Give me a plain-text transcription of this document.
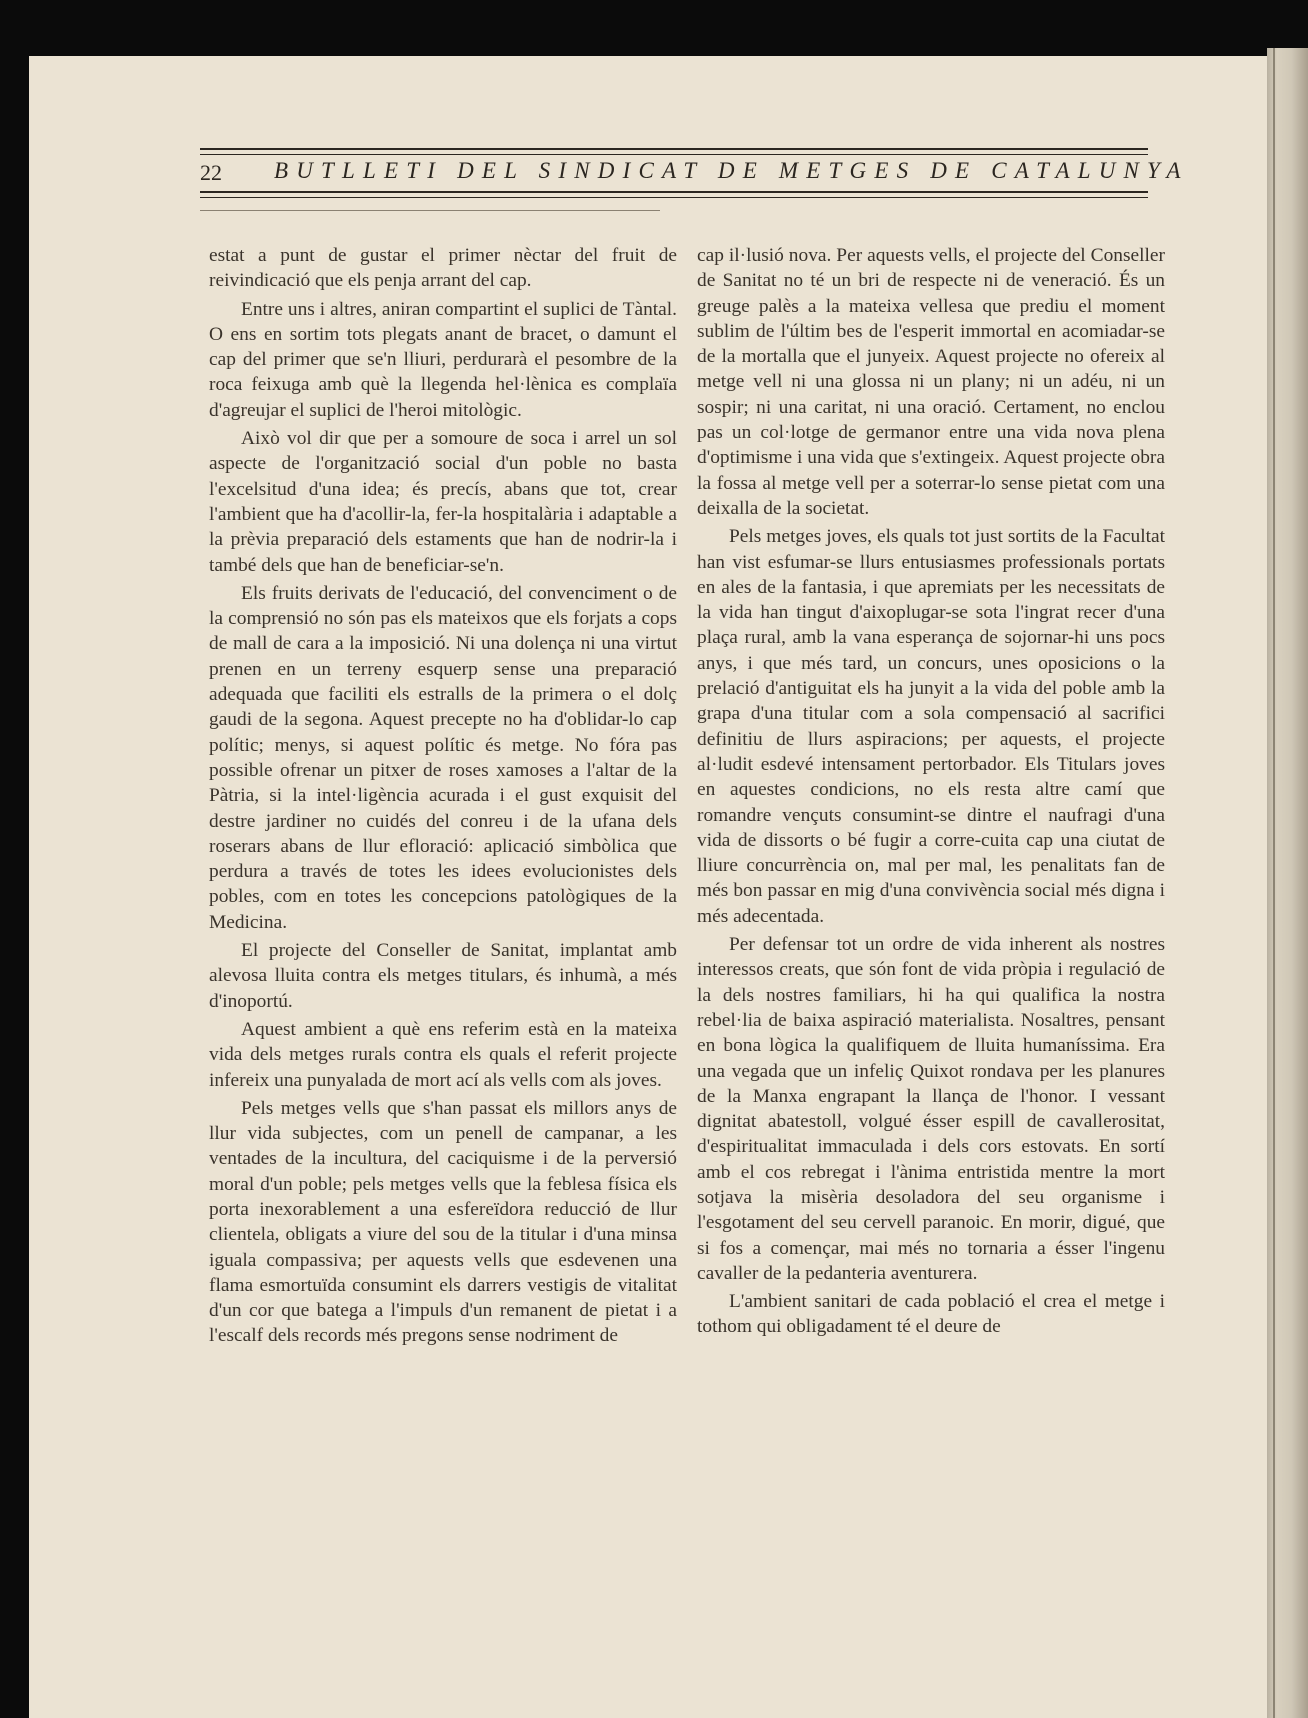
22 BUTLLETI DEL SINDICAT DE METGES DE CATALUNYA

estat a punt de gustar el primer nèctar del fruit de reivindicació que els penja arrant del cap.

Entre uns i altres, aniran compartint el suplici de Tàntal. O ens en sortim tots plegats anant de bracet, o damunt el cap del primer que se'n lliuri, perdurarà el pesombre de la roca feixuga amb què la llegenda hel·lènica es complaïa d'agreujar el suplici de l'heroi mitològic.

Això vol dir que per a somoure de soca i arrel un sol aspecte de l'organització social d'un poble no basta l'excelsitud d'una idea; és precís, abans que tot, crear l'ambient que ha d'acollir-la, fer-la hospitalària i adaptable a la prèvia preparació dels estaments que han de nodrir-la i també dels que han de beneficiar-se'n.

Els fruits derivats de l'educació, del convenciment o de la comprensió no són pas els mateixos que els forjats a cops de mall de cara a la imposició. Ni una dolença ni una virtut prenen en un terreny esquerp sense una preparació adequada que faciliti els estralls de la primera o el dolç gaudi de la segona. Aquest precepte no ha d'oblidar-lo cap polític; menys, si aquest polític és metge. No fóra pas possible ofrenar un pitxer de roses xamoses a l'altar de la Pàtria, si la intel·ligència acurada i el gust exquisit del destre jardiner no cuidés del conreu i de la ufana dels roserars abans de llur efloració: aplicació simbòlica que perdura a través de totes les idees evolucionistes dels pobles, com en totes les concepcions patològiques de la Medicina.

El projecte del Conseller de Sanitat, implantat amb alevosa lluita contra els metges titulars, és inhumà, a més d'inoportú.

Aquest ambient a què ens referim està en la mateixa vida dels metges rurals contra els quals el referit projecte infereix una punyalada de mort ací als vells com als joves.

Pels metges vells que s'han passat els millors anys de llur vida subjectes, com un penell de campanar, a les ventades de la incultura, del caciquisme i de la perversió moral d'un poble; pels metges vells que la feblesa física els porta inexorablement a una esfereïdora reducció de llur clientela, obligats a viure del sou de la titular i d'una minsa iguala compassiva; per aquests vells que esdevenen una flama esmortuïda consumint els darrers vestigis de vitalitat d'un cor que batega a l'impuls d'un remanent de pietat i a l'escalf dels records més pregons sense nodriment de

cap il·lusió nova. Per aquests vells, el projecte del Conseller de Sanitat no té un bri de respecte ni de veneració. És un greuge palès a la mateixa vellesa que prediu el moment sublim de l'últim bes de l'esperit immortal en acomiadar-se de la mortalla que el junyeix. Aquest projecte no ofereix al metge vell ni una glossa ni un plany; ni un adéu, ni un sospir; ni una caritat, ni una oració. Certament, no enclou pas un col·lotge de germanor entre una vida nova plena d'optimisme i una vida que s'extingeix. Aquest projecte obra la fossa al metge vell per a soterrar-lo sense pietat com una deixalla de la societat.

Pels metges joves, els quals tot just sortits de la Facultat han vist esfumar-se llurs entusiasmes professionals portats en ales de la fantasia, i que apremiats per les necessitats de la vida han tingut d'aixoplugar-se sota l'ingrat recer d'una plaça rural, amb la vana esperança de sojornar-hi uns pocs anys, i que més tard, un concurs, unes oposicions o la prelació d'antiguitat els ha junyit a la vida del poble amb la grapa d'una titular com a sola compensació al sacrifici definitiu de llurs aspiracions; per aquests, el projecte al·ludit esdevé intensament pertorbador. Els Titulars joves en aquestes condicions, no els resta altre camí que romandre vençuts consumint-se dintre el naufragi d'una vida de dissorts o bé fugir a corre-cuita cap una ciutat de lliure concurrència on, mal per mal, les penalitats fan de més bon passar en mig d'una convivència social més digna i més adecentada.

Per defensar tot un ordre de vida inherent als nostres interessos creats, que són font de vida pròpia i regulació de la dels nostres familiars, hi ha qui qualifica la nostra rebel·lia de baixa aspiració materialista. Nosaltres, pensant en bona lògica la qualifiquem de lluita humaníssima. Era una vegada que un infeliç Quixot rondava per les planures de la Manxa engrapant la llança de l'honor. I vessant dignitat abatestoll, volgué ésser espill de cavallerositat, d'espiritualitat immaculada i dels cors estovats. En sortí amb el cos rebregat i l'ànima entristida mentre la mort sotjava la misèria desoladora del seu organisme i l'esgotament del seu cervell paranoic. En morir, digué, que si fos a començar, mai més no tornaria a ésser l'ingenu cavaller de la pedanteria aventurera.

L'ambient sanitari de cada població el crea el metge i tothom qui obligadament té el deure de
